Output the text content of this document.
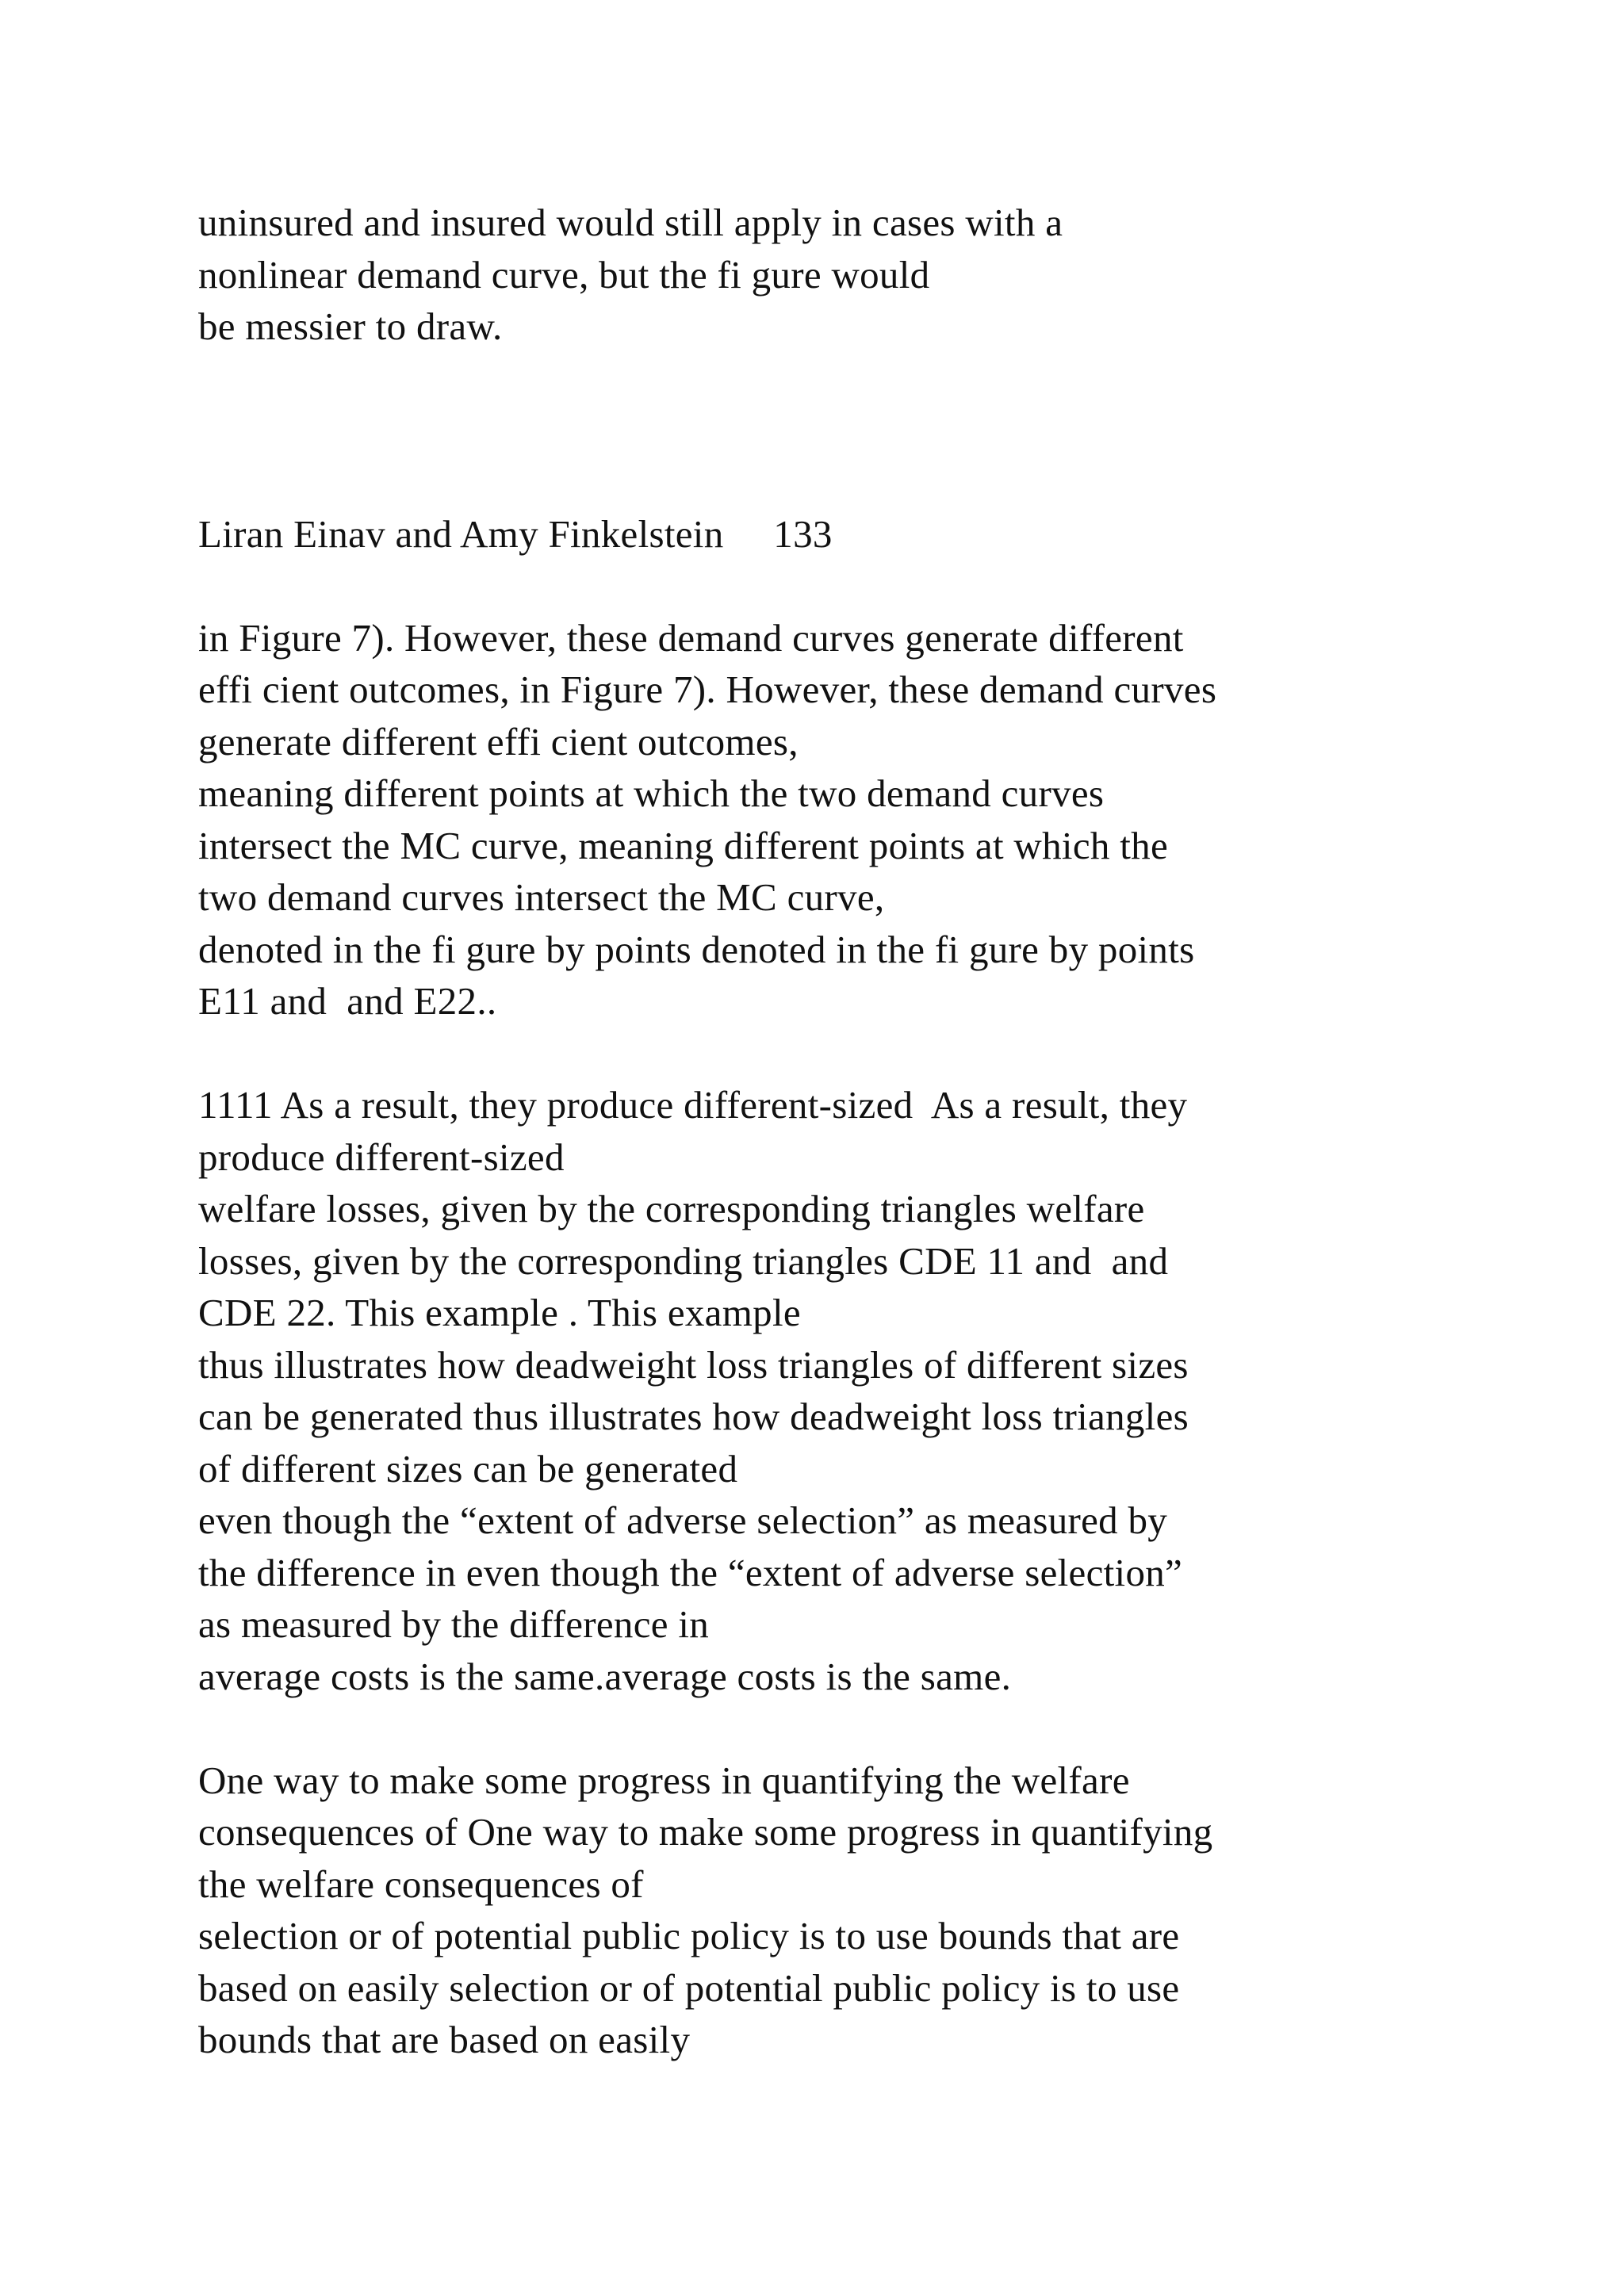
uninsured and insured would still apply in cases with a
nonlinear demand curve, but the fi gure would
be messier to draw.
Liran Einav and Amy Finkelstein     133
in Figure 7). However, these demand curves generate different
effi cient outcomes, in Figure 7). However, these demand curves
generate different effi cient outcomes,
meaning different points at which the two demand curves
intersect the MC curve, meaning different points at which the
two demand curves intersect the MC curve,
denoted in the fi gure by points denoted in the fi gure by points
E11 and  and E22..
1111 As a result, they produce different-sized  As a result, they
produce different-sized
welfare losses, given by the corresponding triangles welfare
losses, given by the corresponding triangles CDE 11 and  and
CDE 22. This example . This example
thus illustrates how deadweight loss triangles of different sizes
can be generated thus illustrates how deadweight loss triangles
of different sizes can be generated
even though the “extent of adverse selection” as measured by
the difference in even though the “extent of adverse selection”
as measured by the difference in
average costs is the same.average costs is the same.
One way to make some progress in quantifying the welfare
consequences of One way to make some progress in quantifying
the welfare consequences of
selection or of potential public policy is to use bounds that are
based on easily selection or of potential public policy is to use
bounds that are based on easily
